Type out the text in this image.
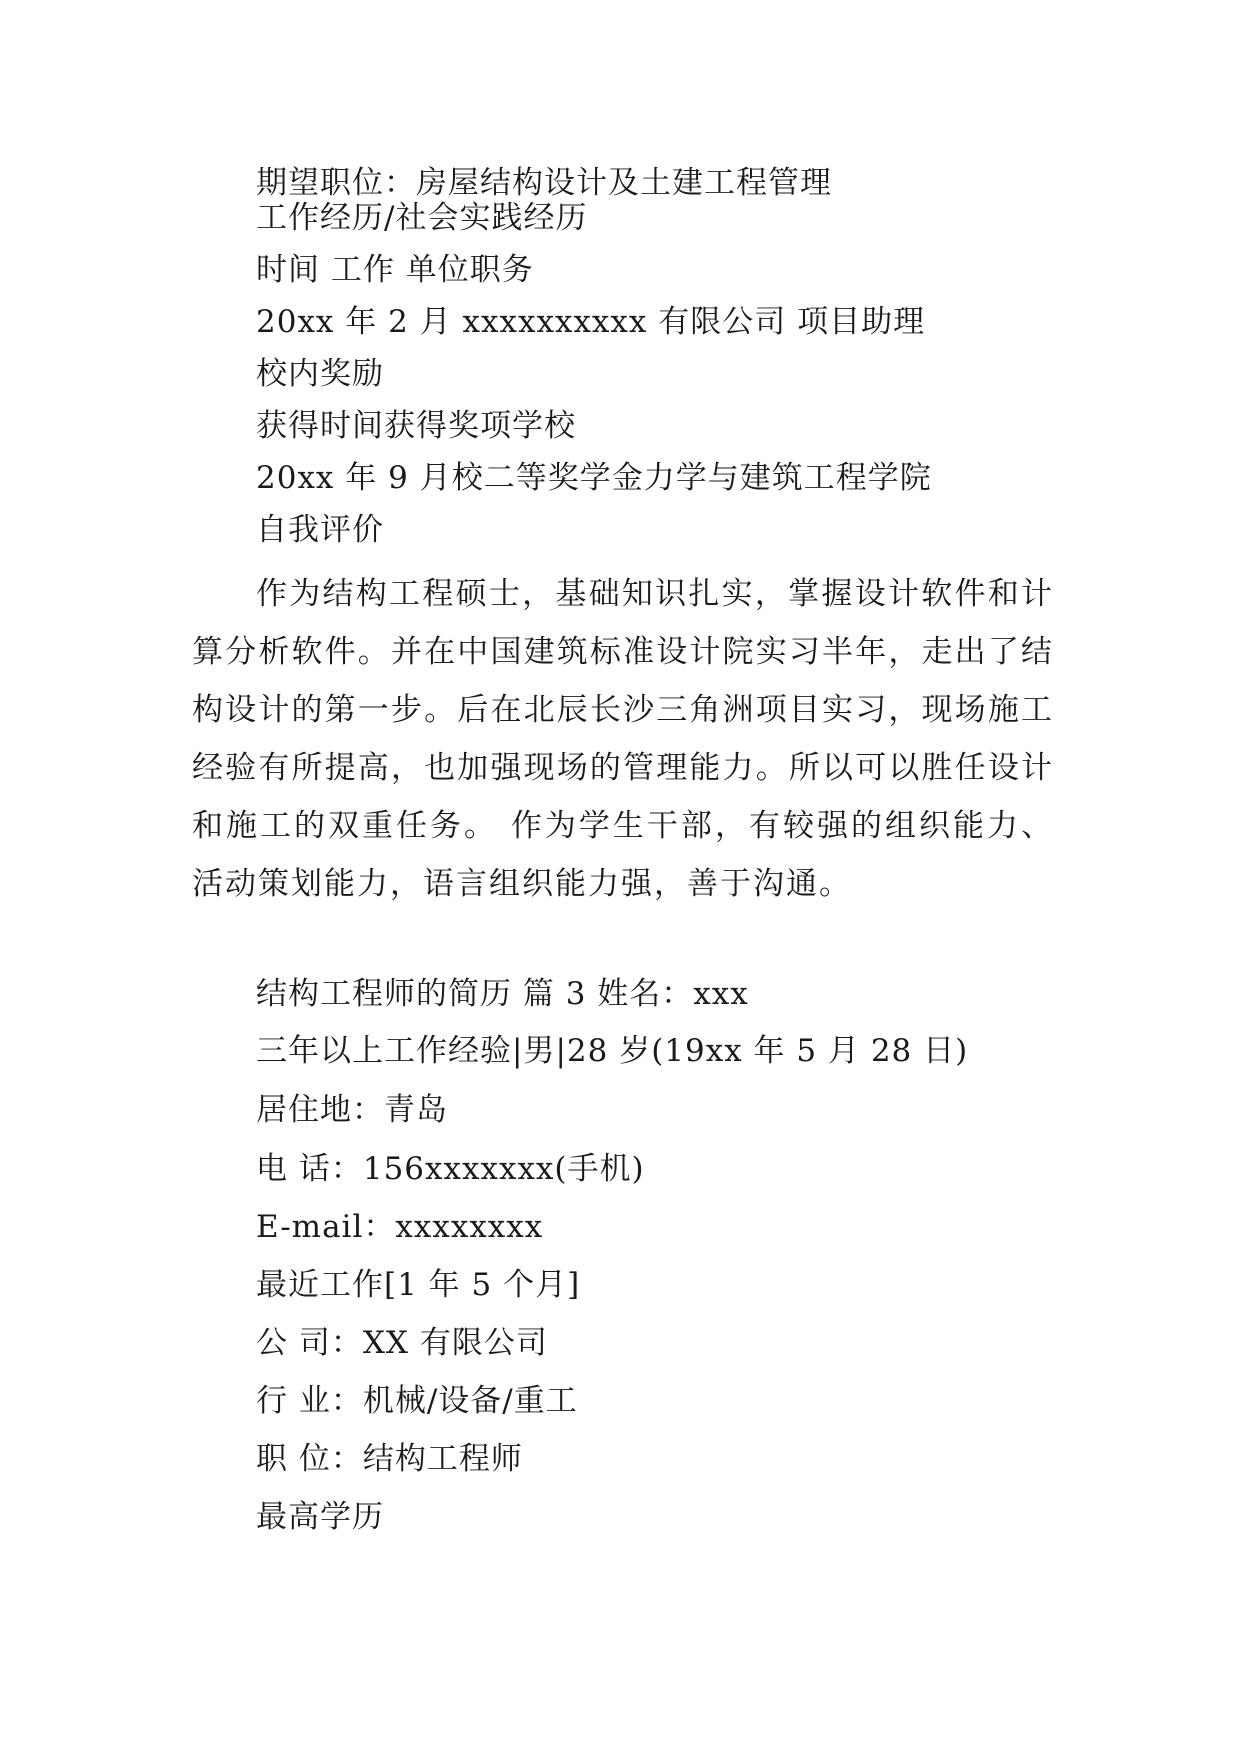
期望职位：房屋结构设计及土建工程管理
工作经历/社会实践经历
时间 工作 单位职务
20xx 年 2 月 xxxxxxxxxx 有限公司 项目助理
校内奖励
获得时间获得奖项学校
20xx 年 9 月校二等奖学金力学与建筑工程学院
自我评价
作为结构工程硕士，基础知识扎实，掌握设计软件和计算分析软件。并在中国建筑标准设计院实习半年，走出了结构设计的第一步。后在北辰长沙三角洲项目实习，现场施工经验有所提高，也加强现场的管理能力。所以可以胜任设计和施工的双重任务。 作为学生干部，有较强的组织能力、活动策划能力，语言组织能力强，善于沟通。
结构工程师的简历 篇 3 姓名：xxx
三年以上工作经验|男|28 岁(19xx 年 5 月 28 日)
居住地：青岛
电 话：156xxxxxxx(手机)
E-mail：xxxxxxxx
最近工作[1 年 5 个月]
公 司：XX 有限公司
行 业：机械/设备/重工
职 位：结构工程师
最高学历
